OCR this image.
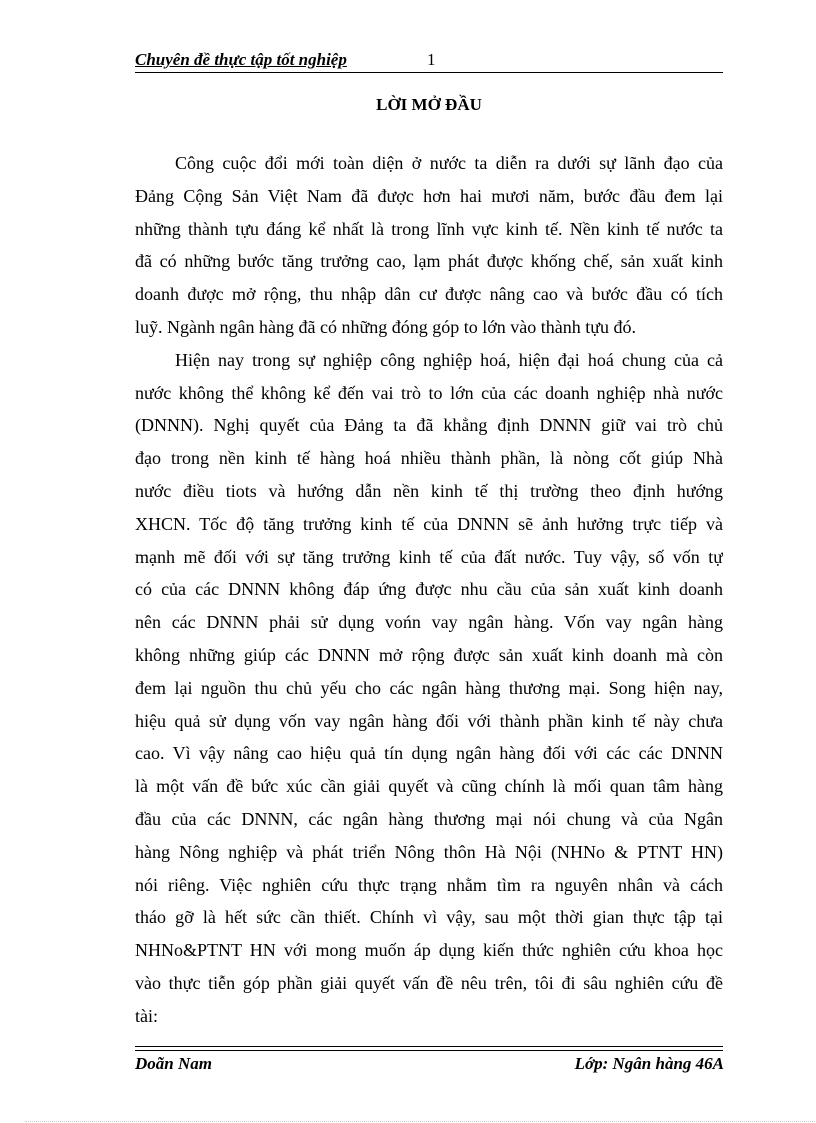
Chuyên đề thực tập tốt nghiệp	1
LỜI MỞ ĐẦU
Công cuộc đổi mới toàn diện ở nước ta diễn ra dưới sự lãnh đạo của
Đảng Cộng Sản Việt Nam đã được hơn hai mươi năm, bước đầu đem lại
những thành tựu đáng kể nhất là trong lĩnh vực kinh tế. Nền kinh tế nước ta
đã có những bước tăng trưởng cao, lạm phát được khống chế, sản xuất kinh
doanh được mở rộng, thu nhập dân cư được nâng cao và bước đầu có tích
luỹ. Ngành ngân hàng đã có những đóng góp to lớn vào thành tựu đó.
Hiện nay trong sự nghiệp công nghiệp hoá, hiện đại hoá chung của cả
nước không thể không kể đến vai trò to lớn của các doanh nghiệp nhà nước
(DNNN). Nghị quyết của Đảng ta đã khẳng định DNNN giữ vai trò chủ
đạo trong nền kinh tế hàng hoá nhiều thành phần, là nòng cốt giúp Nhà
nước điều tiots và hướng dẫn nền kinh tế thị trường theo định hướng
XHCN. Tốc độ tăng trưởng kinh tế của DNNN sẽ ảnh hưởng trực tiếp và
mạnh mẽ đối với sự tăng trưởng kinh tế của đất nước. Tuy vậy, số vốn tự
có của các DNNN không đáp ứng được nhu cầu của sản xuất kinh doanh
nên các DNNN phải sử dụng vońn vay ngân hàng. Vốn vay ngân hàng
không những giúp các DNNN mở rộng được sản xuất kinh doanh mà còn
đem lại nguồn thu chủ yếu cho các ngân hàng thương mại. Song hiện nay,
hiệu quả sử dụng vốn vay ngân hàng đối với thành phần kinh tế này chưa
cao. Vì vậy nâng cao hiệu quả tín dụng ngân hàng đối với các các DNNN
là một vấn đề bức xúc cần giải quyết và cũng chính là mối quan tâm hàng
đầu của các DNNN, các ngân hàng thương mại nói chung và của Ngân
hàng Nông nghiệp và phát triển Nông thôn Hà Nội (NHNo & PTNT HN)
nói riêng. Việc nghiên cứu thực trạng nhằm tìm ra nguyên nhân và cách
tháo gỡ là hết sức cần thiết. Chính vì vậy, sau một thời gian thực tập tại
NHNo&PTNT HN với mong muốn áp dụng kiến thức nghiên cứu khoa học
vào thực tiễn góp phần giải quyết vấn đề nêu trên, tôi đi sâu nghiên cứu đề
tài:
Doãn Nam	Lớp: Ngân hàng 46A
